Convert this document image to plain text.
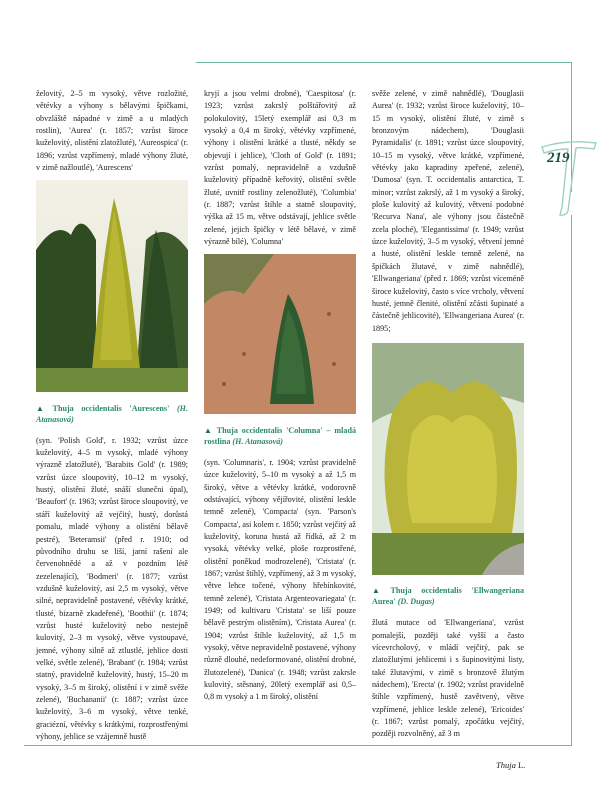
219

želovitý, 2–5 m vysoký, větve rozložité, větévky a výhony s bělavými špičkami, obvzláště nápadné v zimě a u mladých rostlin), 'Aurea' (r. 1857; vzrůst široce kuželovitý, olistění zlatožluté), 'Aureospica' (r. 1896; vzrůst vzpřímený, mladé výhony žluté, v zimě nažloutlé), 'Aurescens'

▲ Thuja occidentalis 'Aurescens' (H. Atanasová)

(syn. 'Polish Gold', r. 1932; vzrůst úzce kuželovitý, 4–5 m vysoký, mladé výhony výrazně zlatožluté), 'Barabits Gold' (r. 1989; vzrůst úzce sloupovitý, 10–12 m vysoký, hustý, olistění žluté, snáší slunečni úpal), 'Beaufort' (r. 1963; vzrůst široce sloupovitý, ve stáří kuželovitý až vejčitý, hustý, dorůstá pomalu, mladé výhony a olistění bělavě pestré), 'Beteramsii' (před r. 1910; od původního druhu se liší, jarní rašení ale červenohnědé a až v pozdním létě zezelenající), 'Bodmeri' (r. 1877; vzrůst vzdušně kuželovitý, asi 2,5 m vysoký, větve silné, nepravidelně postavené, větévky krátké, tlusté, bizarně zkadeřené), 'Boothii' (r. 1874; vzrůst husté kuželovitý nebo nestejně kulovitý, 2–3 m vysoký, větve vystoupavé, jemné, výhony silně až ztlustlé, jehlice dosti velké, světle zelené), 'Brabant' (r. 1984; vzrůst statný, pravidelně kuželovitý, hustý, 15–20 m vysoký, 3–5 m široký, olistění i v zimě svěže zelené), 'Buchananii' (r. 1887; vzrůst úzce kuželovitý, 3–6 m vysoký, větve tenké, graciézní, větévky s krátkými, rozprostřenými výhony, jehlice se vzájemně hustě

kryjí a jsou velmi drobné), 'Caespitosa' (r. 1923; vzrůst zakrslý polštářovitý až polokulovitý, 15letý exemplář asi 0,3 m vysoký a 0,4 m široký, větévky vzpřímené, výhony i olistění krátké a tlusté, někdy se objevují i jehlice), 'Cloth of Gold' (r. 1891; vzrůst pomalý, nepravidelně a vzdušně kuželovitý případně keřovitý, olistění světle žluté, uvnitř rostliny zelenožluté), 'Columbia' (r. 1887; vzrůst štíhle a statně sloupovitý, výška až 15 m, větve odstávají, jehlice světle zelené, jejich špičky v létě bělavé, v zimě výrazně bílé), 'Columna'

▲ Thuja occidentalis 'Columna' – mladá rostlina (H. Atanasová)

(syn. 'Columnaris', r. 1904; vzrůst pravidelně úzce kuželovitý, 5–10 m vysoký a až 1,5 m široký, větve a větévky krátké, vodorovně odstávající, výhony vějířovité, olistění leskle temně zelené), 'Compacta' (syn. 'Parson's Compacta', asi kolem r. 1850; vzrůst vejčitý až kuželovitý, koruna hustá až řídká, až 2 m vysoká, větévky velké, ploše rozprostřené, olistění poněkud modrozelené), 'Cristata' (r. 1867; vzrůst štíhlý, vzpřímený, až 3 m vysoký, větve lehce točené, výhony hřebínkovité, temně zelené), 'Cristata Argenteovariegata' (r. 1949; od kultivaru 'Cristata' se liší pouze bělavě pestrým olistěním), 'Cristata Aurea' (r. 1904; vzrůst štíhle kuželovitý, až 1,5 m vysoký, větve nepravidelně postavené, výhony různě dlouhé, nedeformované, olistění drobné, žlutozelené), 'Danica' (r. 1948; vzrůst zakrsle kulovitý, stěsnaný, 20letý exemplář asi 0,5–0,8 m vysoký a 1 m široký, olistění

svěže zelené, v zimě nahnědlé), 'Douglasii Aurea' (r. 1932; vzrůst široce kuželovitý, 10–15 m vysoký, olistění žluté, v zimě s bronzovým nádechem), 'Douglasii Pyramidalis' (r. 1891; vzrůst úzce sloupovitý, 10–15 m vysoký, větve krátké, vzpřímené, větévky jako kapradiny zpeřené, zelené), 'Dumosa' (syn. T. occidentalis antarctica, T. minor; vzrůst zakrslý, až 1 m vysoký a široký, ploše kulovitý až kulovitý, větvení podobné 'Recurva Nana', ale výhony jsou částečně zcela ploché), 'Elegantissima' (r. 1949; vzrůst úzce kuželovitý, 3–5 m vysoký, větvení jemné a husté, olistění leskle temně zelené, na špičkách žlutavé, v zimě nahnědlé), 'Ellwangeriana' (před r. 1869; vzrůst víceméně široce kuželovitý, často s více vrcholy, větvení husté, jemně členité, olistění zčásti šupinaté a částečně jehlicovité), 'Ellwangeriana Aurea' (r. 1895;

▲ Thuja occidentalis 'Ellwangeriana Aurea' (D. Dugas)

žlutá mutace od 'Ellwangeriana', vzrůst pomalejší, později také vyšší a často vícevrcholový, v mládí vejčitý, pak se zlatožlutými jehlicemi i s šupinovitými listy, také žlutavými, v zimě s bronzově žlutým nádechem), 'Erecta' (r. 1902; vzrůst pravidelně štíhle vzpřímený, hustě zavětvený, větve vzpřímené, jehlice leskle zelené), 'Ericoides' (r. 1867; vzrůst pomalý, zpočátku vejčitý, později rozvolněný, až 3 m

Thuja L.
